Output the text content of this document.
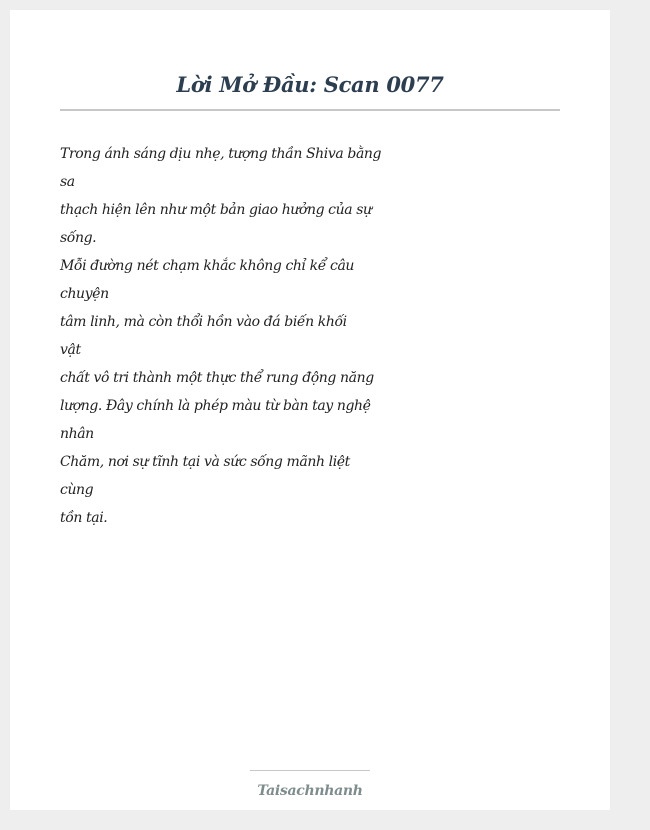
Lời Mở Đầu: Scan 0077
Trong ánh sáng dịu nhẹ, tượng thần Shiva bằng
sa
thạch hiện lên như một bản giao hưởng của sự
sống.
Mỗi đường nét chạm khắc không chỉ kể câu
chuyện
tâm linh, mà còn thổi hồn vào đá biến khối
vật
chất vô tri thành một thực thể rung động năng
lượng. Đây chính là phép màu từ bàn tay nghệ
nhân
Chăm, nơi sự tĩnh tại và sức sống mãnh liệt
cùng
tồn tại.
Taisachnhanh
